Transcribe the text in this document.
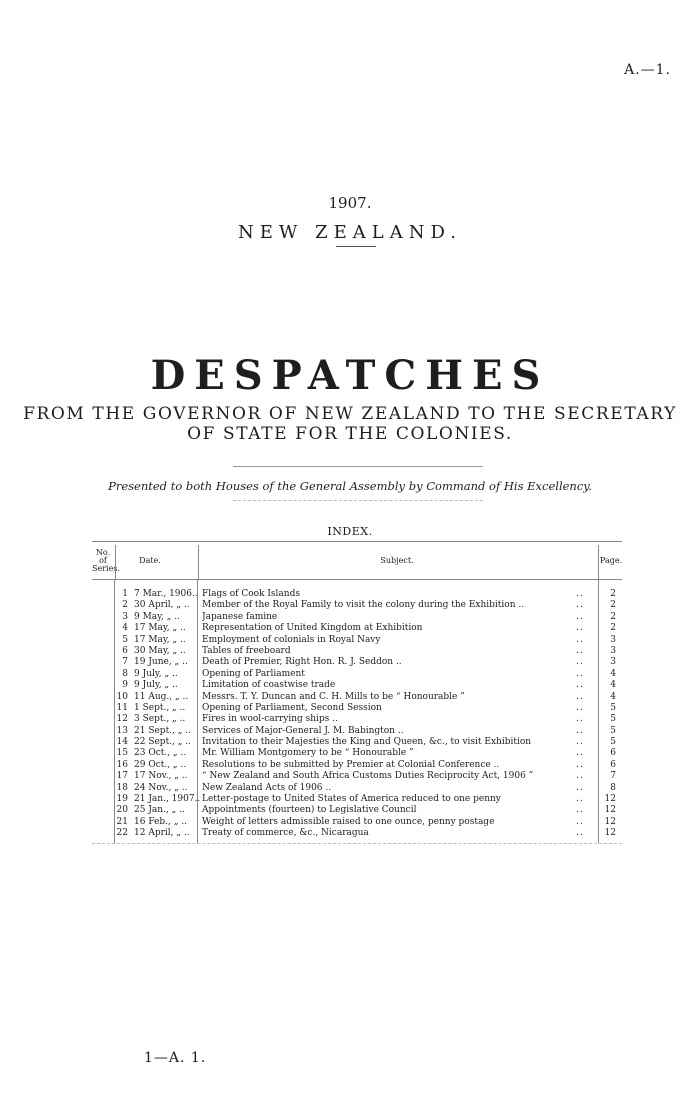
A.—1.
1907.
NEW ZEALAND.
DESPATCHES
FROM THE GOVERNOR OF NEW ZEALAND TO THE SECRETARY
OF STATE FOR THE COLONIES.
Presented to both Houses of the General Assembly by Command of His Excellency.
INDEX.
No.
of
Series.
Date.	Subject.	Page.
1 7 Mar., 1906.. Flags of Cook Islands	..	2
2 30 April, „ .. Member of the Royal Family to visit the colony during the Exhibition ..	..	2
3 9 May, „ .. Japanese famine	..	2
4 17 May, „ .. Representation of United Kingdom at Exhibition	..	2
5 17 May, „ .. Employment of colonials in Royal Navy	..	3
6 30 May, „ .. Tables of freeboard	..	3
7 19 June, „ .. Death of Premier, Right Hon. R. J. Seddon ..	..	3
8 9 July, „ ..	Opening of Parliament	..	4
9 9 July, „ ..	Limitation of coastwise trade	..	4
10 11 Aug., „ .. Messrs. T. Y. Duncan and C. H. Mills to be “ Honourable ”	..	4
11 1 Sept., „ .. Opening of Parliament, Second Session	..	5
12 3 Sept., „ .. Fires in wool-carrying ships ..	..	5
13 21 Sept., „ .. Services of Major-General J. M. Babington ..	..	5
14 22 Sept., „ .. Invitation to their Majesties the King and Queen, &c., to visit Exhibition	..	5
15 23 Oct., „ .. Mr. William Montgomery to be “ Honourable ”	..	6
16 29 Oct., „ .. Resolutions to be submitted by Premier at Colonial Conference ..	..	6
17 17 Nov., „ .. “ New Zealand and South Africa Customs Duties Reciprocity Act, 1906 ”	..	7
18 24 Nov., „ .. New Zealand Acts of 1906 ..	..	8
19 21 Jan., 1907.. Letter-postage to United States of America reduced to one penny	..	12
20 25 Jan., „ .. Appointments (fourteen) to Legislative Council	..	12
21 16 Feb., „ .. Weight of letters admissible raised to one ounce, penny postage	..	12
22 12 April, „ .. Treaty of commerce, &c., Nicaragua	..	12
1—A. 1.
